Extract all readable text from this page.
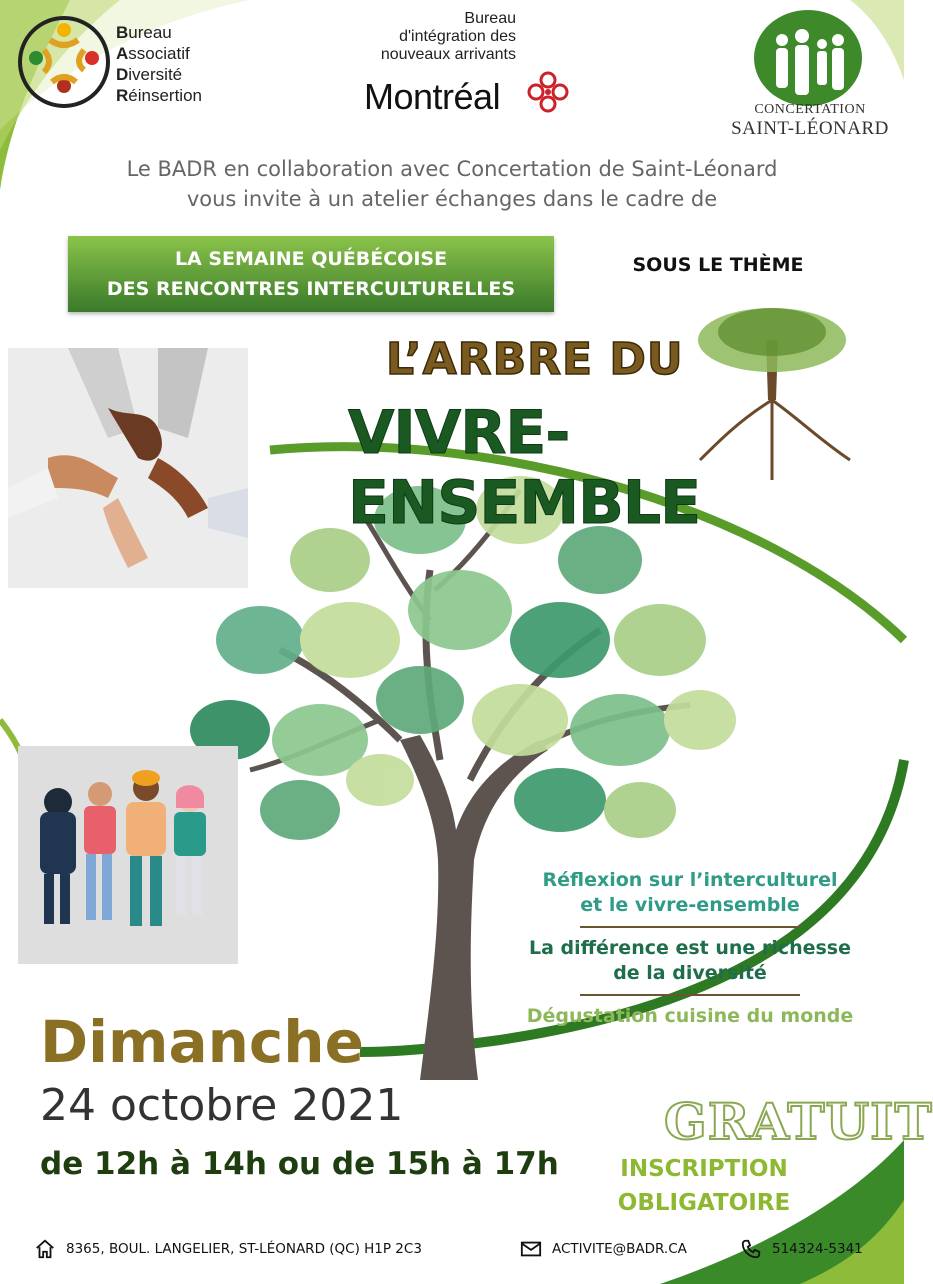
Bureau
Associatif
Diversité
Réinsertion
Bureau
d'intégration des
nouveaux arrivants
Montréal	CONCERTATION
SAINT-LÉONARD
Le BADR en collaboration avec Concertation de Saint-Léonard
vous invite à un atelier échanges dans le cadre de
LA SEMAINE QUÉBÉCOISE
DES RENCONTRES INTERCULTURELLES
SOUS LE THÈME
L’ARBRE DU
VIVRE-ENSEMBLE
Réflexion sur l’interculturel
et le vivre-ensemble
La différence est une richesse
de la diversité
Dégustation cuisine du monde
Dimanche
24 octobre 2021
de 12h à 14h ou de 15h à 17h
GRATUIT
INSCRIPTION
OBLIGATOIRE
8365, BOUL. LANGELIER, ST-LÉONARD (QC) H1P 2C3	ACTIVITE@BADR.CA	514324-5341
